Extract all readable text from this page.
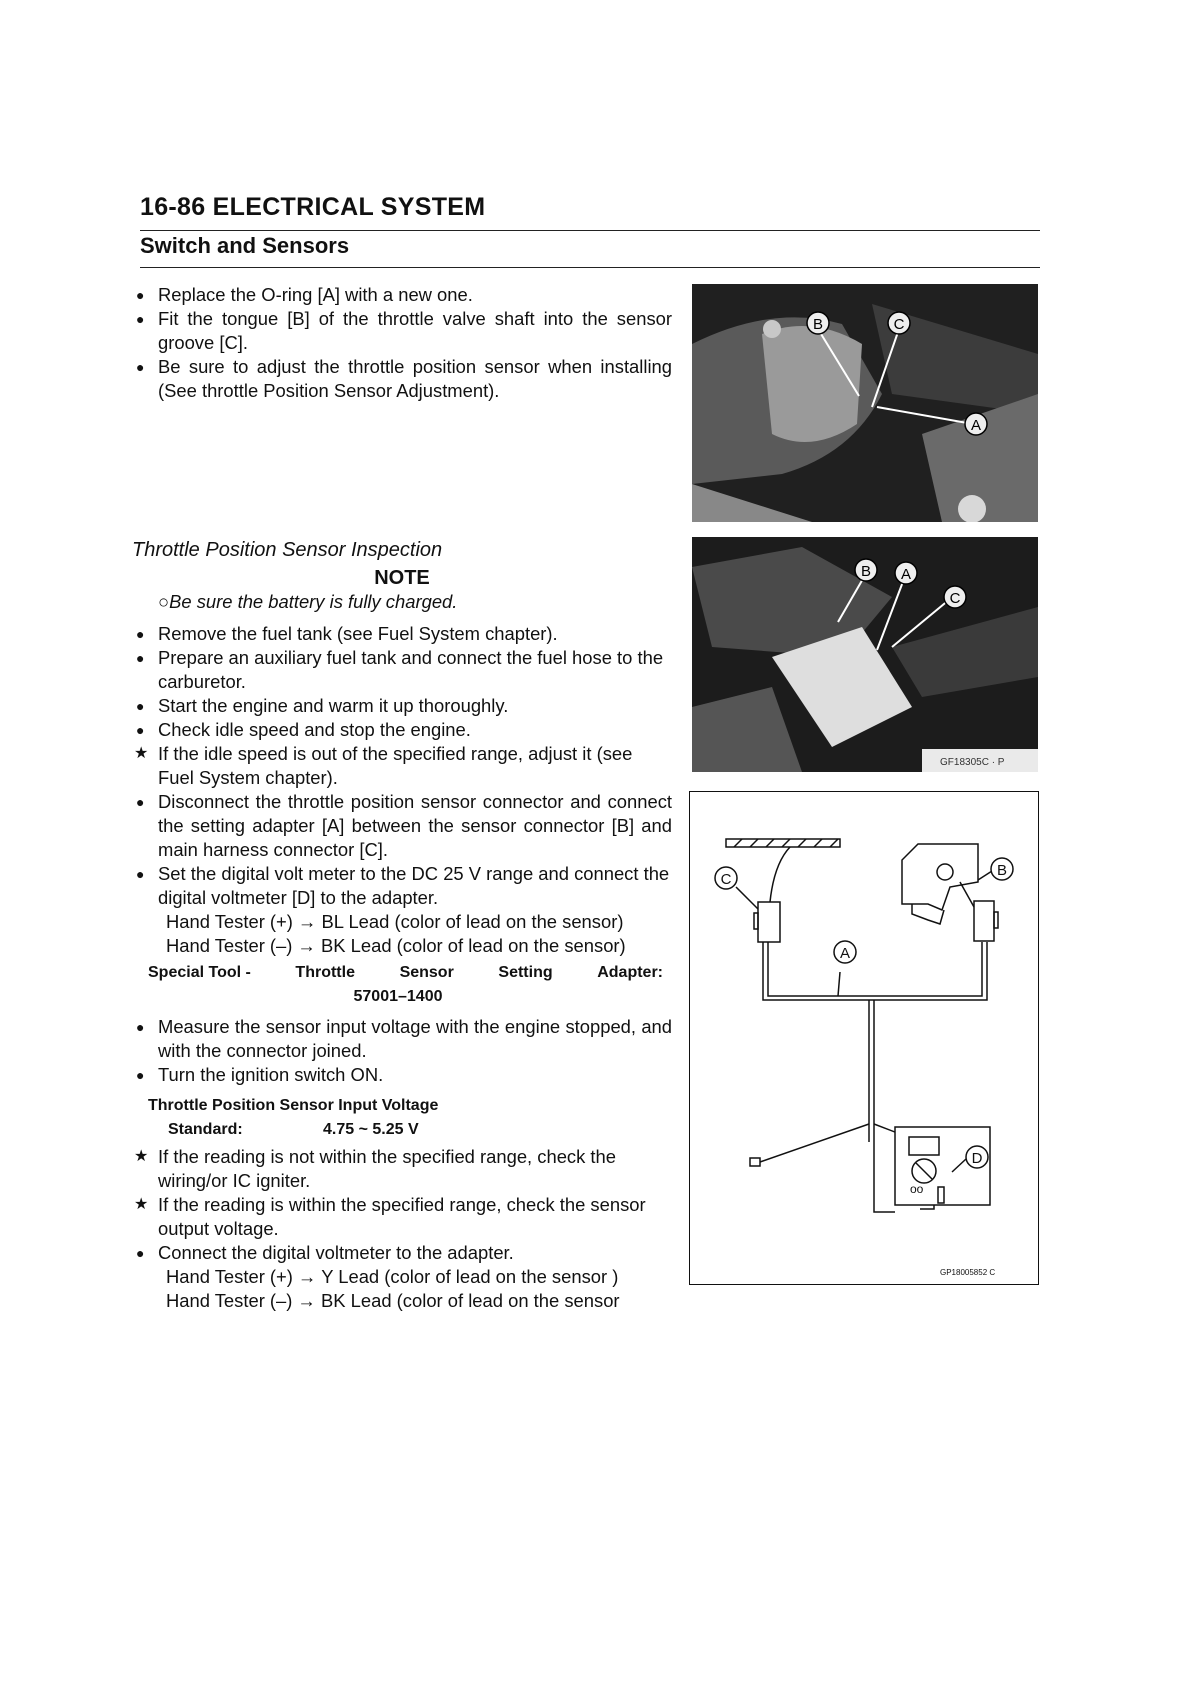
16-86 ELECTRICAL SYSTEM
Switch and Sensors
● Replace the O-ring [A] with a new one.
● Fit the tongue [B] of the throttle valve shaft into the sensor groove [C].
● Be sure to adjust the throttle position sensor when installing (See throttle Position Sensor Adjustment).

Throttle Position Sensor Inspection

NOTE
○Be sure the battery is fully charged.
● Remove the fuel tank (see Fuel System chapter).
● Prepare an auxiliary fuel tank and connect the fuel hose to the carburetor.
● Start the engine and warm it up thoroughly.
● Check idle speed and stop the engine.
★ If the idle speed is out of the specified range, adjust it (see Fuel System chapter).
● Disconnect the throttle position sensor connector and connect the setting adapter [A] between the sensor connector [B] and main harness connector [C].
● Set the digital volt meter to the DC 25 V range and connect the digital voltmeter [D] to the adapter.
Hand Tester (+) → BL Lead (color of lead on the sensor)
Hand Tester (–) → BK Lead (color of lead on the sensor)
Special Tool -	Throttle	Sensor	Setting	Adapter:
57001–1400
● Measure the sensor input voltage with the engine stopped, and with the connector joined.
● Turn the ignition switch ON.
Throttle Position Sensor Input Voltage
Standard:	4.75 ~ 5.25 V
★ If the reading is not within the specified range, check the wiring/or IC igniter.
★ If the reading is within the specified range, check the sensor output voltage.
● Connect the digital voltmeter to the adapter.
Hand Tester (+) → Y Lead (color of lead on the sensor )
Hand Tester (–) → BK Lead (color of lead on the sensor
B	C
A
B A
C
GF18305C · P
oo
C
B
A
D
GP18005852 C
